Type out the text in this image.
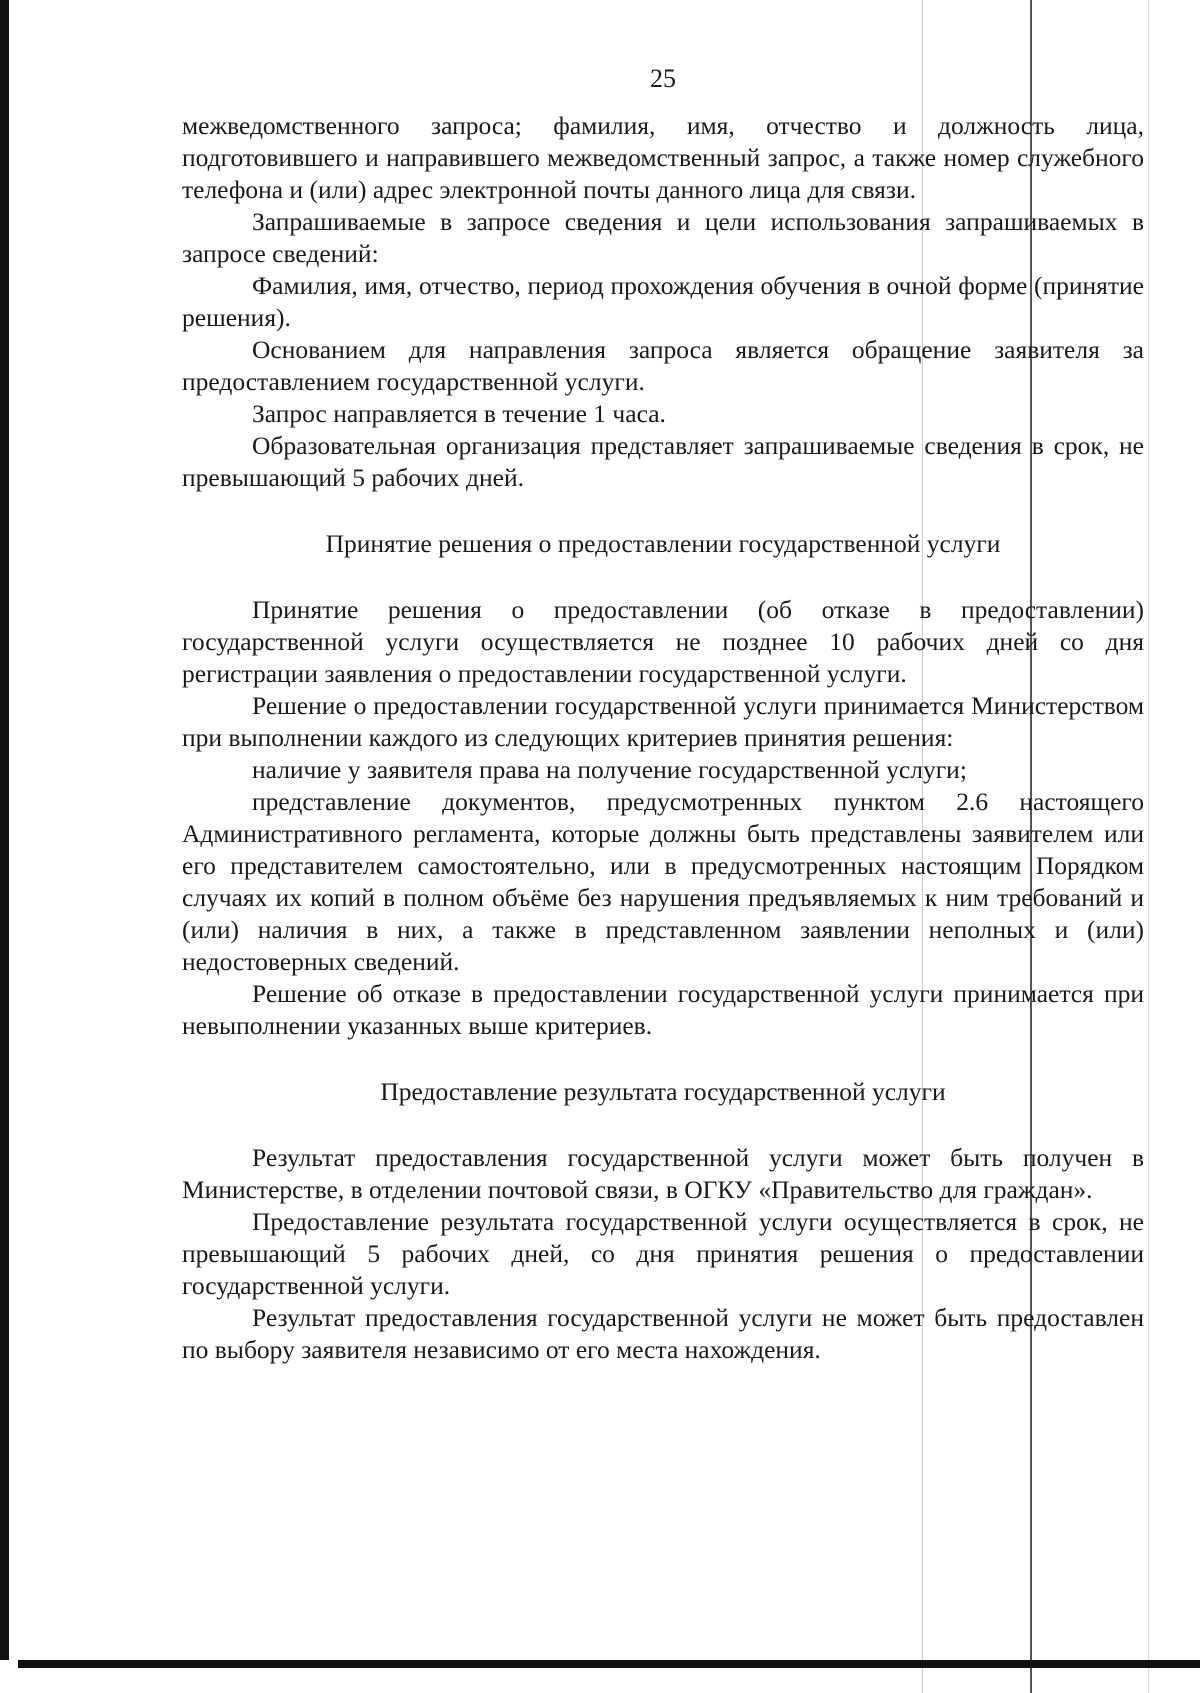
25

межведомственного запроса; фамилия, имя, отчество и должность лица, подготовившего и направившего межведомственный запрос, а также номер служебного телефона и (или) адрес электронной почты данного лица для связи.

Запрашиваемые в запросе сведения и цели использования запрашиваемых в запросе сведений:

Фамилия, имя, отчество, период прохождения обучения в очной форме (принятие решения).

Основанием для направления запроса является обращение заявителя за предоставлением государственной услуги.

Запрос направляется в течение 1 часа.

Образовательная организация представляет запрашиваемые сведения в срок, не превышающий 5 рабочих дней.

Принятие решения о предоставлении государственной услуги

Принятие решения о предоставлении (об отказе в предоставлении) государственной услуги осуществляется не позднее 10 рабочих дней со дня регистрации заявления о предоставлении государственной услуги.

Решение о предоставлении государственной услуги принимается Министерством при выполнении каждого из следующих критериев принятия решения:

наличие у заявителя права на получение государственной услуги;

представление документов, предусмотренных пунктом 2.6 настоящего Административного регламента, которые должны быть представлены заявителем или его представителем самостоятельно, или в предусмотренных настоящим Порядком случаях их копий в полном объёме без нарушения предъявляемых к ним требований и (или) наличия в них, а также в представленном заявлении неполных и (или) недостоверных сведений.

Решение об отказе в предоставлении государственной услуги принимается при невыполнении указанных выше критериев.

Предоставление результата государственной услуги

Результат предоставления государственной услуги может быть получен в Министерстве, в отделении почтовой связи, в ОГКУ «Правительство для граждан».

Предоставление результата государственной услуги осуществляется в срок, не превышающий 5 рабочих дней, со дня принятия решения о предоставлении государственной услуги.

Результат предоставления государственной услуги не может быть предоставлен по выбору заявителя независимо от его места нахождения.
